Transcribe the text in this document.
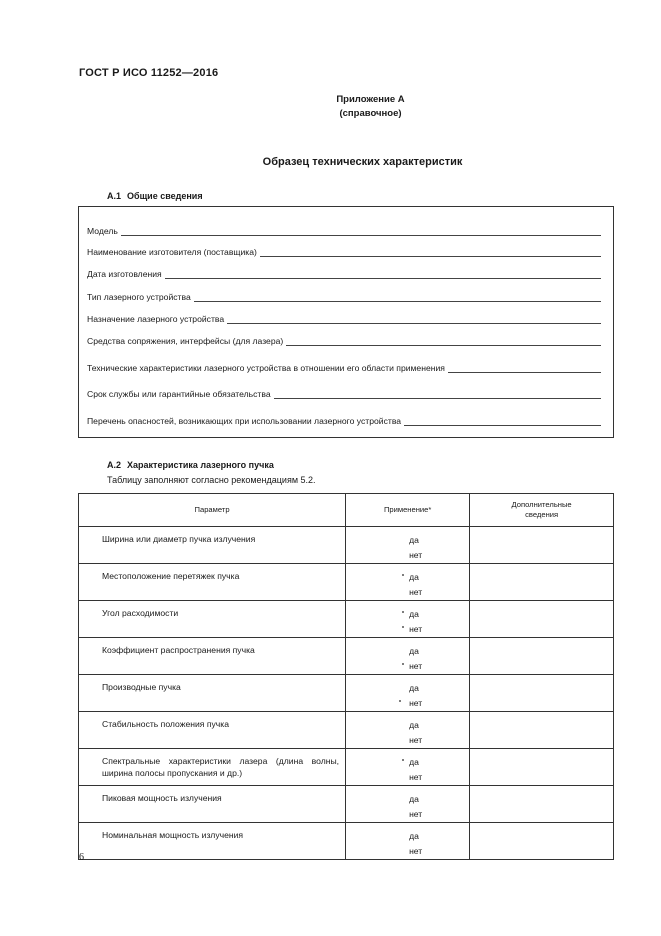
ГОСТ Р ИСО 11252—2016
Приложение А
(справочное)
Образец технических характеристик
А.1 Общие сведения
Модель
Наименование изготовителя (поставщика)
Дата изготовления
Тип лазерного устройства
Назначение лазерного устройства
Средства сопряжения, интерфейсы (для лазера)
Технические характеристики лазерного устройства в отношении его области применения
Срок службы или гарантийные обязательства
Перечень опасностей, возникающих при использовании лазерного устройства
А.2 Характеристика лазерного пучка
Таблицу заполняют согласно рекомендациям 5.2.
Параметр	Применение*	Дополнительные сведения

Ширина или диаметр пучка излучения	да
нет	

Местоположение перетяжек пучка	да
нет	

Угол расходимости	да
нет	

Коэффициент распространения пучка	да
нет	

Производные пучка	да
нет	

Стабильность положения пучка	да
нет	

Спектральные характеристики лазера (длина волны, ширина полосы пропускания и др.)	да
нет	

Пиковая мощность излучения	да
нет	

Номинальная мощность излучения	да
нет	

6
